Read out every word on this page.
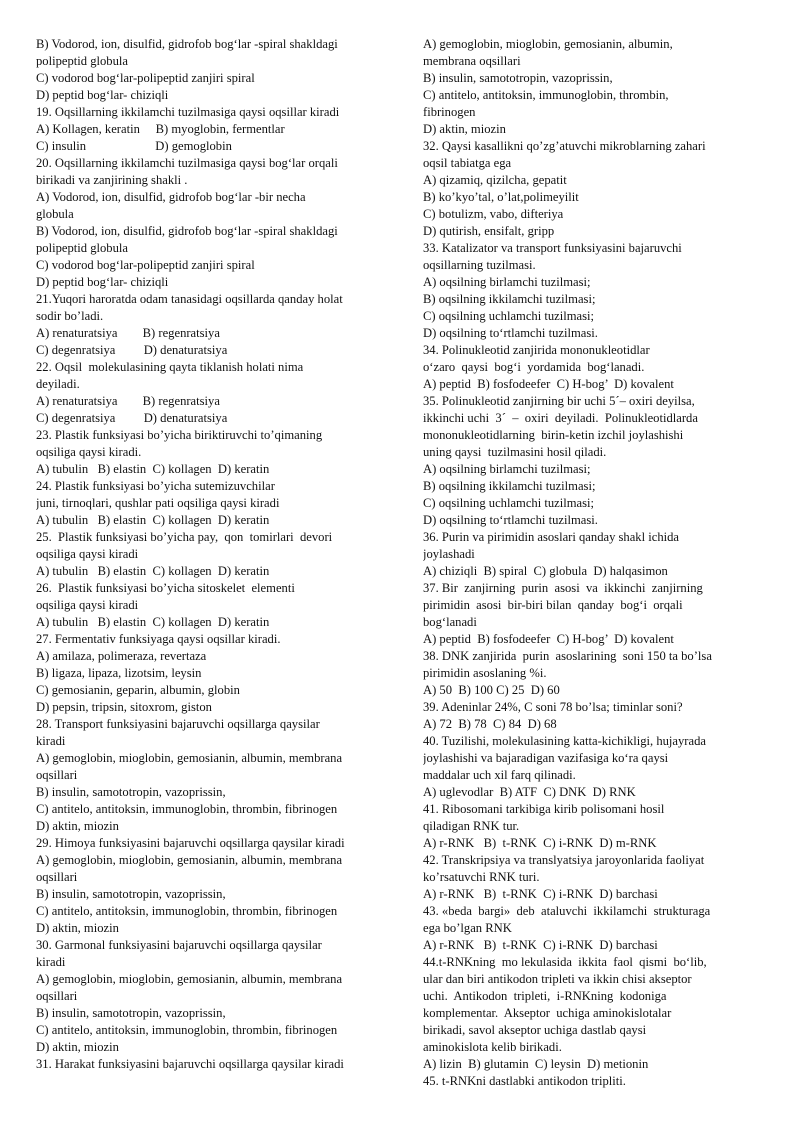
B) Vodorod, ion, disulfid, gidrofob bog‘lar -spiral shakldagi
polipeptid globula
C) vodorod bog‘lar-polipeptid zanjiri spiral
D) peptid bog‘lar- chiziqli
19. Oqsillarning ikkilamchi tuzilmasiga qaysi oqsillar kiradi
A) Kollagen, keratin     B) myoglobin, fermentlar
C) insulin                      D) gemoglobin
20. Oqsillarning ikkilamchi tuzilmasiga qaysi bog‘lar orqali
birikadi va zanjirining shakli .
A) Vodorod, ion, disulfid, gidrofob bog‘lar -bir necha
globula
B) Vodorod, ion, disulfid, gidrofob bog‘lar -spiral shakldagi
polipeptid globula
C) vodorod bog‘lar-polipeptid zanjiri spiral
D) peptid bog‘lar- chiziqli
21.Yuqori haroratda odam tanasidagi oqsillarda qanday holat
sodir bo’ladi.
A) renaturatsiya        B) regenratsiya
C) degenratsiya         D) denaturatsiya
22. Oqsil  molekulasining qayta tiklanish holati nima
deyiladi.
A) renaturatsiya        B) regenratsiya
C) degenratsiya         D) denaturatsiya
23. Plastik funksiyasi bo’yicha biriktiruvchi to’qimaning
oqsiliga qaysi kiradi.
A) tubulin   B) elastin  C) kollagen  D) keratin
24. Plastik funksiyasi bo’yicha sutemizuvchilar
juni, tirnoqlari, qushlar pati oqsiliga qaysi kiradi
A) tubulin   B) elastin  C) kollagen  D) keratin
25.  Plastik funksiyasi bo’yicha pay,  qon  tomirlari  devori
oqsiliga qaysi kiradi
A) tubulin   B) elastin  C) kollagen  D) keratin
26.  Plastik funksiyasi bo’yicha sitoskelet  elementi
oqsiliga qaysi kiradi
A) tubulin   B) elastin  C) kollagen  D) keratin
27. Fermentativ funksiyaga qaysi oqsillar kiradi.
A) amilaza, polimeraza, revertaza
B) ligaza, lipaza, lizotsim, leysin
C) gemosianin, geparin, albumin, globin
D) pepsin, tripsin, sitoxrom, giston
28. Transport funksiyasini bajaruvchi oqsillarga qaysilar
kiradi
A) gemoglobin, mioglobin, gemosianin, albumin, membrana
oqsillari
B) insulin, samototropin, vazoprissin,
C) antitelo, antitoksin, immunoglobin, thrombin, fibrinogen
D) aktin, miozin
29. Himoya funksiyasini bajaruvchi oqsillarga qaysilar kiradi
A) gemoglobin, mioglobin, gemosianin, albumin, membrana
oqsillari
B) insulin, samototropin, vazoprissin,
C) antitelo, antitoksin, immunoglobin, thrombin, fibrinogen
D) aktin, miozin
30. Garmonal funksiyasini bajaruvchi oqsillarga qaysilar
kiradi
A) gemoglobin, mioglobin, gemosianin, albumin, membrana
oqsillari
B) insulin, samototropin, vazoprissin,
C) antitelo, antitoksin, immunoglobin, thrombin, fibrinogen
D) aktin, miozin
31. Harakat funksiyasini bajaruvchi oqsillarga qaysilar kiradi
A) gemoglobin, mioglobin, gemosianin, albumin,
membrana oqsillari
B) insulin, samototropin, vazoprissin,
C) antitelo, antitoksin, immunoglobin, thrombin,
fibrinogen
D) aktin, miozin
32. Qaysi kasallikni qo’zg’atuvchi mikroblarning zahari
oqsil tabiatga ega
A) qizamiq, qizilcha, gepatit
B) ko’kyo’tal, o’lat,polimeyilit
C) botulizm, vabo, difteriya
D) qutirish, ensifalt, gripp
33. Katalizator va transport funksiyasini bajaruvchi
oqsillarning tuzilmasi.
A) oqsilning birlamchi tuzilmasi;
B) oqsilning ikkilamchi tuzilmasi;
C) oqsilning uchlamchi tuzilmasi;
D) oqsilning to‘rtlamchi tuzilmasi.
34. Polinukleotid zanjirida mononukleotidlar
o‘zaro  qaysi  bog‘i  yordamida  bog‘lanadi.
A) peptid  B) fosfodeefer  C) H-bog’  D) kovalent
35. Polinukleotid zanjirning bir uchi 5´– oxiri deyilsa,
ikkinchi uchi  3´  –  oxiri  deyiladi.  Polinukleotidlarda
mononukleotidlarning  birin-ketin izchil joylashishi
uning qaysi  tuzilmasini hosil qiladi.
A) oqsilning birlamchi tuzilmasi;
B) oqsilning ikkilamchi tuzilmasi;
C) oqsilning uchlamchi tuzilmasi;
D) oqsilning to‘rtlamchi tuzilmasi.
36. Purin va pirimidin asoslari qanday shakl ichida
joylashadi
A) chiziqli  B) spiral  C) globula  D) halqasimon
37. Bir  zanjirning  purin  asosi  va  ikkinchi  zanjirning
pirimidin  asosi  bir-biri bilan  qanday  bog‘i  orqali
bog‘lanadi
A) peptid  B) fosfodeefer  C) H-bog’  D) kovalent
38. DNK zanjirida  purin  asoslarining  soni 150 ta bo’lsa
pirimidin asoslaning %i.
A) 50  B) 100 C) 25  D) 60
39. Adeninlar 24%, C soni 78 bo’lsa; timinlar soni?
A) 72  B) 78  C) 84  D) 68
40. Tuzilishi, molekulasining katta-kichikligi, hujayrada
joylashishi va bajaradigan vazifasiga ko‘ra qaysi
maddalar uch xil farq qilinadi.
A) uglevodlar  B) ATF  C) DNK  D) RNK
41. Ribosomani tarkibiga kirib polisomani hosil
qiladigan RNK tur.
A) r-RNK   B)  t-RNK  C) i-RNK  D) m-RNK
42. Transkripsiya va translyatsiya jaroyonlarida faoliyat
ko’rsatuvchi RNK turi.
A) r-RNK   B)  t-RNK  C) i-RNK  D) barchasi
43. «beda  bargi»  deb  ataluvchi  ikkilamchi  strukturaga
ega bo’lgan RNK
A) r-RNK   B)  t-RNK  C) i-RNK  D) barchasi
44.t-RNKning  mo lekulasida  ikkita  faol  qismi  bo‘lib,
ular dan biri antikodon tripleti va ikkin chisi akseptor
uchi.  Antikodon  tripleti,  i-RNKning  kodoniga
komplementar.  Akseptor  uchiga aminokislotalar
birikadi, savol akseptor uchiga dastlab qaysi
aminokislota kelib birikadi.
A) lizin  B) glutamin  C) leysin  D) metionin
45. t-RNKni dastlabki antikodon tripliti.
